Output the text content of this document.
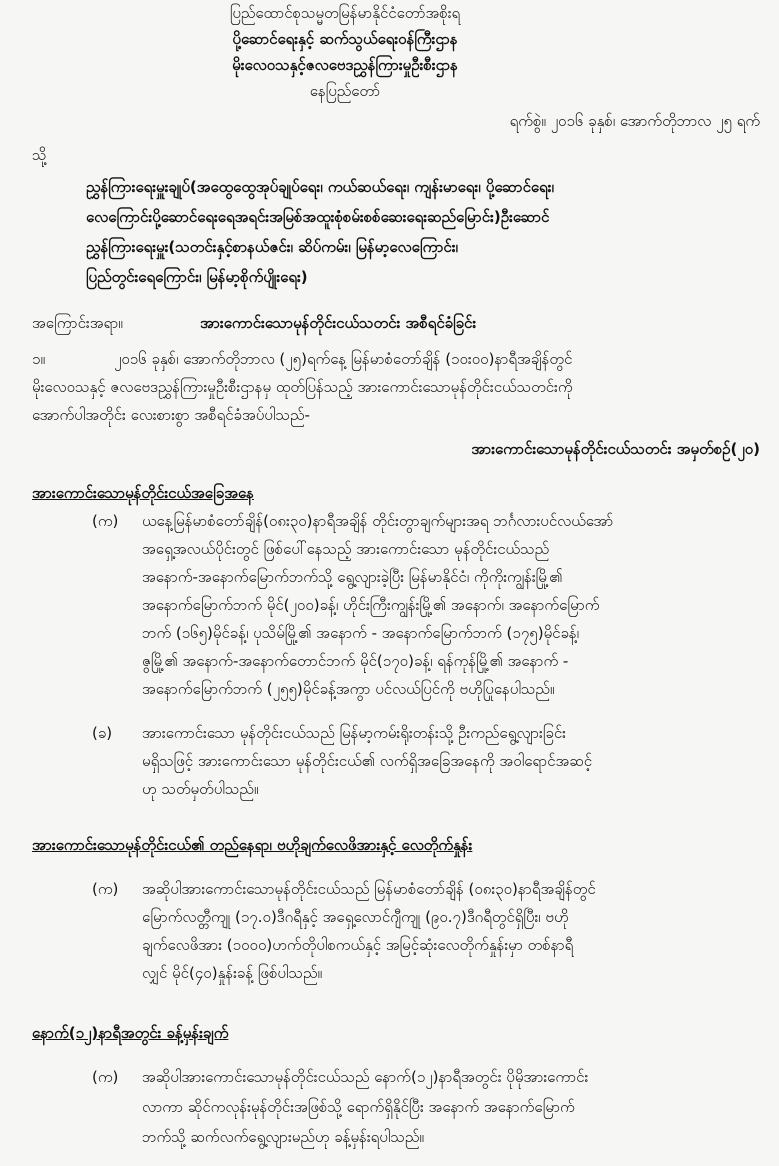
ပြည်ထောင်စုသမ္မတမြန်မာနိုင်ငံတော်အစိုးရ
ပို့ဆောင်ရေးနှင့် ဆက်သွယ်ရေးဝန်ကြီးဌာန
မိုးလေဝသနှင့်ဇလဗေဒညွှန်ကြားမှုဦးစီးဌာန
နေပြည်တော်
ရက်စွဲ။ ၂၀၁၆ ခုနှစ်၊ အောက်တိုဘာလ ၂၅ ရက်
သို့
ညွှန်ကြားရေးမှူးချုပ်(အထွေထွေအုပ်ချုပ်ရေး၊ ကယ်ဆယ်ရေး၊ ကျန်းမာရေး၊ ပို့ဆောင်ရေး၊
လေကြောင်းပို့ဆောင်ရေးရေအရင်းအမြစ်အထူးစုံစမ်းစစ်ဆေးရေးဆည်မြောင်း)ဦးဆောင်
ညွှန်ကြားရေးမှူး(သတင်းနှင့်စာနယ်ဇင်း၊ ဆိပ်ကမ်း၊ မြန်မာ့လေကြောင်း၊
ပြည်တွင်းရေကြောင်း၊ မြန်မာ့စိုက်ပျိုးရေး)
အကြောင်းအရာ။	အားကောင်းသောမုန်တိုင်းငယ်သတင်း အစီရင်ခံခြင်း
၁။	၂၀၁၆ ခုနှစ်၊ အောက်တိုဘာလ (၂၅)ရက်နေ့ မြန်မာစံတော်ချိန် (၁၀း၀၀)နာရီအချိန်တွင်
မိုးလေဝသနှင့် ဇလဗေဒညွှန်ကြားမှုဦးစီးဌာနမှ ထုတ်ပြန်သည့် အားကောင်းသောမုန်တိုင်းငယ်သတင်းကို
အောက်ပါအတိုင်း လေးစားစွာ အစီရင်ခံအပ်ပါသည်-
အားကောင်းသောမုန်တိုင်းငယ်သတင်း အမှတ်စဉ်(၂၀)
အားကောင်းသောမုန်တိုင်းငယ်အခြေအနေ
(က) ယနေ့မြန်မာစံတော်ချိန်(၀၈း၃၀)နာရီအချိန် တိုင်းတွာချက်များအရ ဘင်္ဂလားပင်လယ်အော်
အရှေ့အလယ်ပိုင်းတွင် ဖြစ်ပေါ်နေသည့် အားကောင်းသော မုန်တိုင်းငယ်သည်
အနောက်-အနောက်မြောက်ဘက်သို့ ရွေ့လျားခဲ့ပြီး မြန်မာနိုင်ငံ၊ ကိုကိုးကျွန်းမြို့၏
အနောက်မြောက်ဘက် မိုင်(၂၀၀)ခန့်၊ ဟိုင်းကြီးကျွန်းမြို့၏ အနောက်၊ အနောက်မြောက်
ဘက် (၁၆၅)မိုင်ခန့်၊ ပုသိမ်မြို့၏ အနောက် - အနောက်မြောက်ဘက် (၁၇၅)မိုင်ခန့်၊
ဇွမြို့၏ အနောက်-အနောက်တောင်ဘက် မိုင်(၁၇၀)ခန့်၊ ရန်ကုန်မြို့၏ အနောက် -
အနောက်မြောက်ဘက် (၂၅၅)မိုင်ခန့်အကွာ ပင်လယ်ပြင်ကို ဗဟိုပြုနေပါသည်။
(ခ) အားကောင်းသော မုန်တိုင်းငယ်သည် မြန်မာ့ကမ်းရိုးတန်းသို့ ဦးကည်ရွေ့လျားခြင်း
မရှိသဖြင့် အားကောင်းသော မုန်တိုင်းငယ်၏ လက်ရှိအခြေအနေကို အဝါရောင်အဆင့်
ဟု သတ်မှတ်ပါသည်။
အားကောင်းသောမုန်တိုင်းငယ်၏ တည်နေရာ၊ ဗဟိုချက်လေဖိအားနှင့် လေတိုက်နှုန်း
(က) အဆိုပါအားကောင်းသောမုန်တိုင်းငယ်သည် မြန်မာစံတော်ချိန် (၀၈း၃၀)နာရီအချိန်တွင်
မြောက်လတ္တီကျု (၁၇.၀)ဒီဂရီနှင့် အရှေ့လောင်ဂျီကျု (၉၀.၇)ဒီဂရီတွင်ရှိပြီး၊ ဗဟို
ချက်လေဖိအား (၁၀၀၀)ဟက်တိုပါစကယ်နှင့် အမြင့်ဆုံးလေတိုက်နှုန်းမှာ တစ်နာရီ
လျှင် မိုင်(၄၀)နှုန်းခန့် ဖြစ်ပါသည်။
နောက်(၁၂)နာရီအတွင်း ခန့်မှန်းချက်
(က) အဆိုပါအားကောင်းသောမုန်တိုင်းငယ်သည် နောက်(၁၂)နာရီအတွင်း ပိုမိုအားကောင်း
လာကာ ဆိုင်ကလုန်းမုန်တိုင်းအဖြစ်သို့ ရောက်ရှိနိုင်ပြီး အနောက် အနောက်မြောက်
ဘက်သို့ ဆက်လက်ရွေ့လျားမည်ဟု ခန့်မှန်းရပါသည်။
